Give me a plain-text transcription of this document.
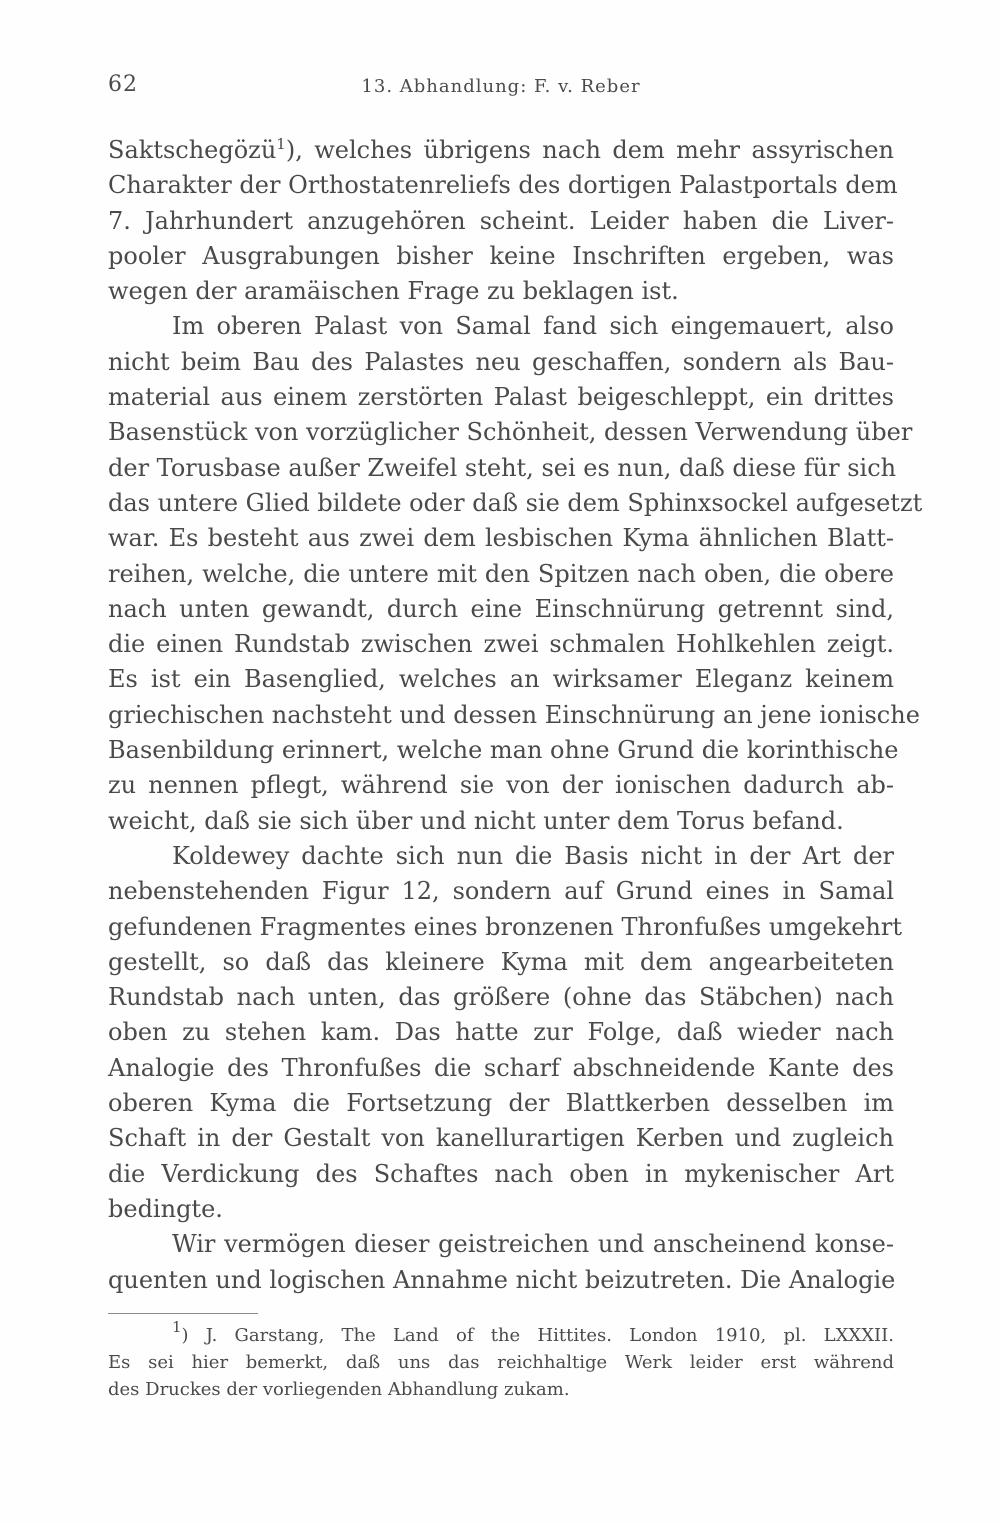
62	13. Abhandlung: F. v. Reber
Saktschegözü$^1$), welches übrigens nach dem mehr assyrischen
Charakter der Orthostatenreliefs des dortigen Palastportals dem
7. Jahrhundert anzugehören scheint. Leider haben die Liver-
pooler Ausgrabungen bisher keine Inschriften ergeben, was
wegen der aramäischen Frage zu beklagen ist.
Im oberen Palast von Samal fand sich eingemauert, also
nicht beim Bau des Palastes neu geschaffen, sondern als Bau-
material aus einem zerstörten Palast beigeschleppt, ein drittes
Basenstück von vorzüglicher Schönheit, dessen Verwendung über
der Torusbase außer Zweifel steht, sei es nun, daß diese für sich
das untere Glied bildete oder daß sie dem Sphinxsockel aufgesetzt
war. Es besteht aus zwei dem lesbischen Kyma ähnlichen Blatt-
reihen, welche, die untere mit den Spitzen nach oben, die obere
nach unten gewandt, durch eine Einschnürung getrennt sind,
die einen Rundstab zwischen zwei schmalen Hohlkehlen zeigt.
Es ist ein Basenglied, welches an wirksamer Eleganz keinem
griechischen nachsteht und dessen Einschnürung an jene ionische
Basenbildung erinnert, welche man ohne Grund die korinthische
zu nennen pflegt, während sie von der ionischen dadurch ab-
weicht, daß sie sich über und nicht unter dem Torus befand.
Koldewey dachte sich nun die Basis nicht in der Art der
nebenstehenden Figur 12, sondern auf Grund eines in Samal
gefundenen Fragmentes eines bronzenen Thronfußes umgekehrt
gestellt, so daß das kleinere Kyma mit dem angearbeiteten
Rundstab nach unten, das größere (ohne das Stäbchen) nach
oben zu stehen kam. Das hatte zur Folge, daß wieder nach
Analogie des Thronfußes die scharf abschneidende Kante des
oberen Kyma die Fortsetzung der Blattkerben desselben im
Schaft in der Gestalt von kanellurartigen Kerben und zugleich
die Verdickung des Schaftes nach oben in mykenischer Art
bedingte.
Wir vermögen dieser geistreichen und anscheinend konse-
quenten und logischen Annahme nicht beizutreten. Die Analogie
$^1$) J. Garstang, The Land of the Hittites. London 1910, pl. LXXXII.
Es sei hier bemerkt, daß uns das reichhaltige Werk leider erst während
des Druckes der vorliegenden Abhandlung zukam.
